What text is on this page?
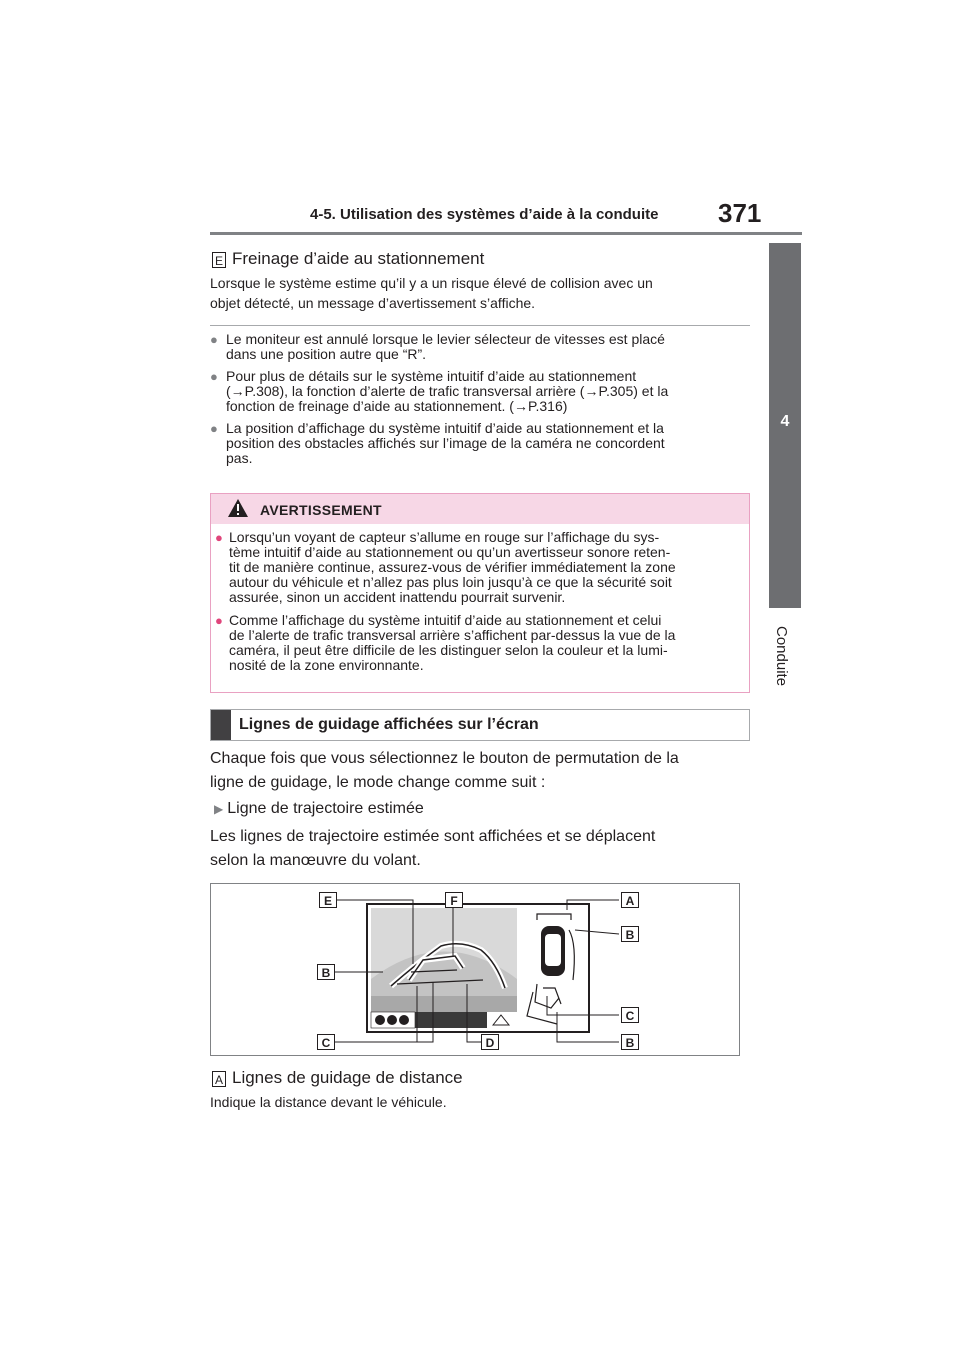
4-5. Utilisation des systèmes d’aide à la conduite 371
4
Conduite
E Freinage d’aide au stationnement
Lorsque le système estime qu’il y a un risque élevé de collision avec un
objet détecté, un message d’avertissement s’affiche.
● Le moniteur est annulé lorsque le levier sélecteur de vitesses est placé
dans une position autre que “R”.
● Pour plus de détails sur le système intuitif d’aide au stationnement
(→P.308), la fonction d’alerte de trafic transversal arrière (→P.305) et la
fonction de freinage d’aide au stationnement. (→P.316)
● La position d’affichage du système intuitif d’aide au stationnement et la
position des obstacles affichés sur l’image de la caméra ne concordent
pas.
AVERTISSEMENT
● Lorsqu’un voyant de capteur s’allume en rouge sur l’affichage du sys-
tème intuitif d’aide au stationnement ou qu’un avertisseur sonore reten-
tit de manière continue, assurez-vous de vérifier immédiatement la zone
autour du véhicule et n’allez pas plus loin jusqu’à ce que la sécurité soit
assurée, sinon un accident inattendu pourrait survenir.
● Comme l’affichage du système intuitif d’aide au stationnement et celui
de l’alerte de trafic transversal arrière s’affichent par-dessus la vue de la
caméra, il peut être difficile de les distinguer selon la couleur et la lumi-
nosité de la zone environnante.
Lignes de guidage affichées sur l’écran
Chaque fois que vous sélectionnez le bouton de permutation de la
ligne de guidage, le mode change comme suit :
▶ Ligne de trajectoire estimée
Les lignes de trajectoire estimée sont affichées et se déplacent
selon la manœuvre du volant.
E	F	A
B
B
C
C	D	B
A Lignes de guidage de distance
Indique la distance devant le véhicule.
